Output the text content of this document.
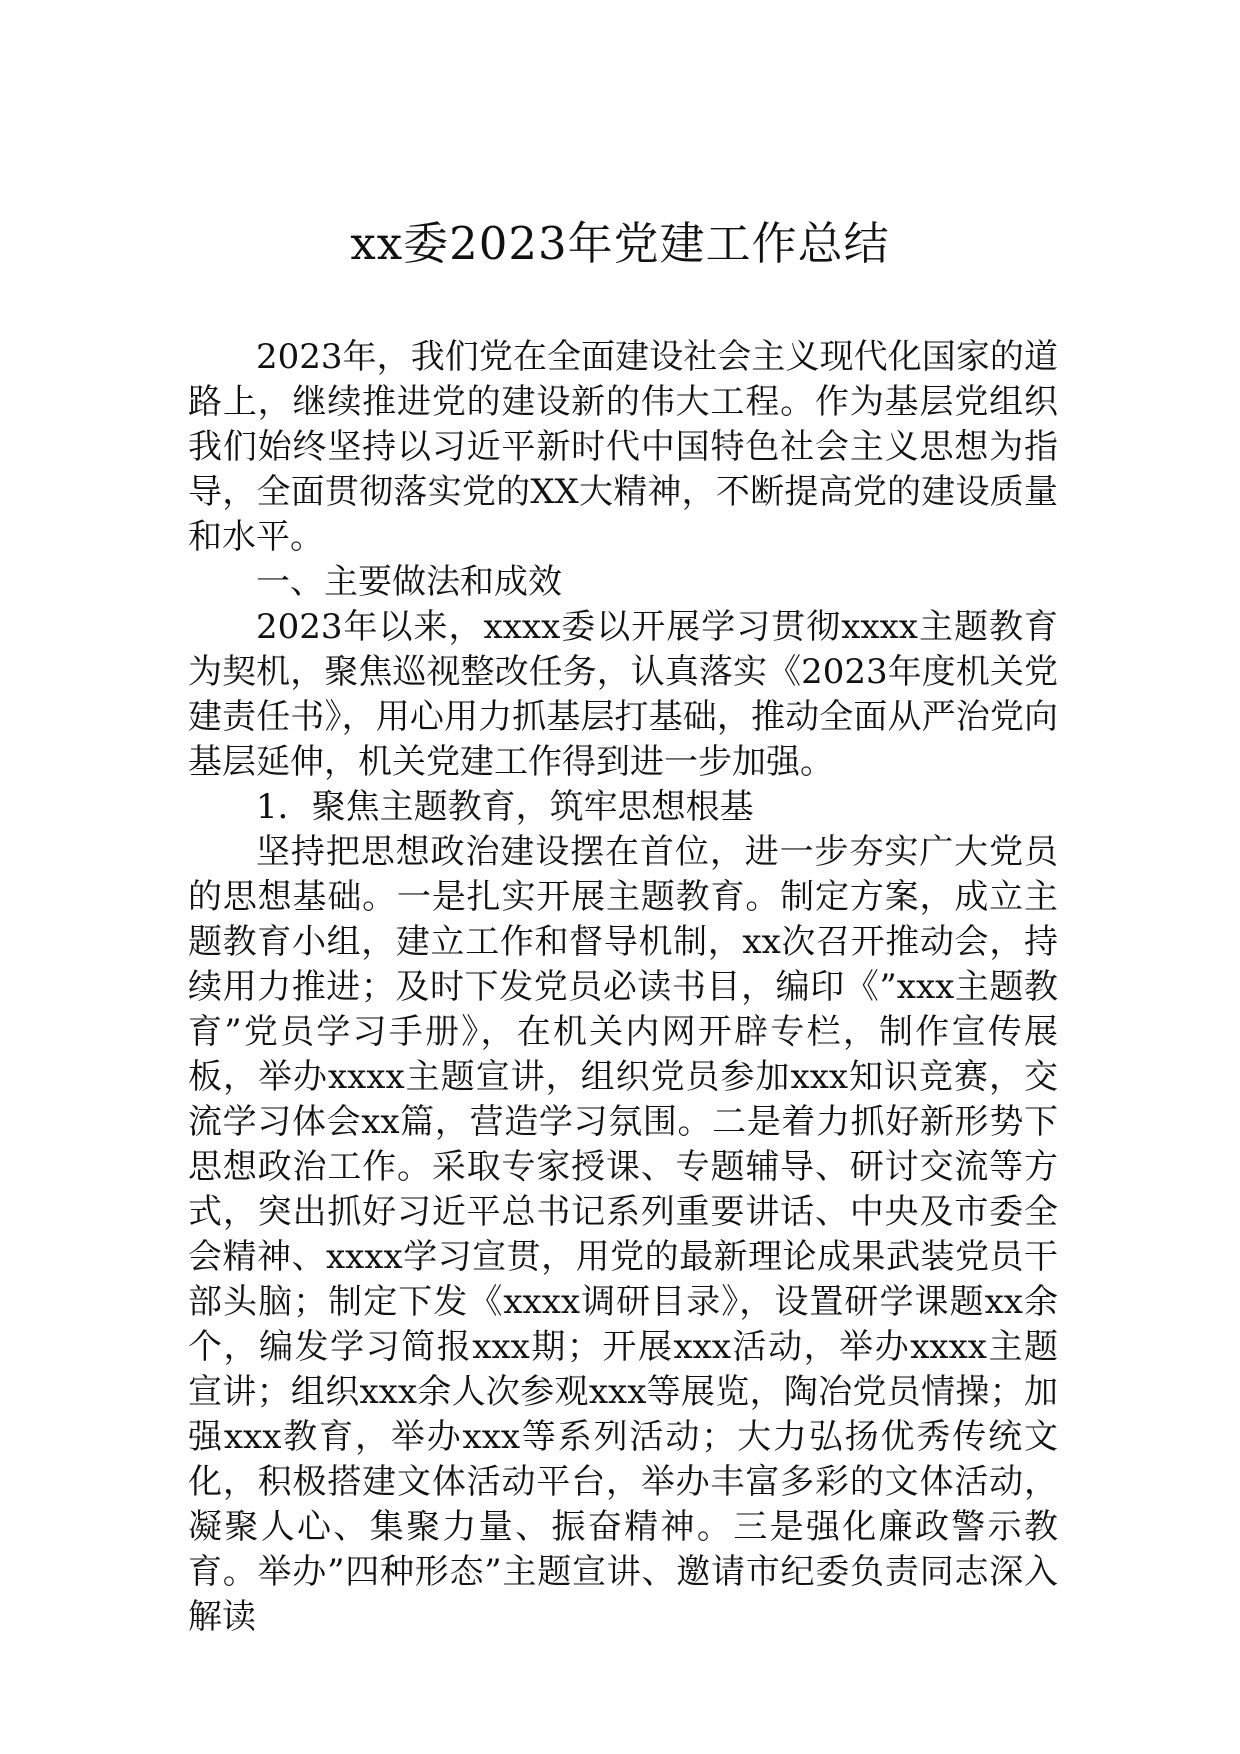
xx委2023年党建工作总结

2023年，我们党在全面建设社会主义现代化国家的道路上，继续推进党的建设新的伟大工程。作为基层党组织我们始终坚持以习近平新时代中国特色社会主义思想为指导，全面贯彻落实党的XX大精神，不断提高党的建设质量和水平。

一、主要做法和成效

2023年以来，xxxx委以开展学习贯彻xxxx主题教育为契机，聚焦巡视整改任务，认真落实《2023年度机关党建责任书》，用心用力抓基层打基础，推动全面从严治党向基层延伸，机关党建工作得到进一步加强。

1．聚焦主题教育，筑牢思想根基

坚持把思想政治建设摆在首位，进一步夯实广大党员的思想基础。一是扎实开展主题教育。制定方案，成立主题教育小组，建立工作和督导机制，xx次召开推动会，持续用力推进；及时下发党员必读书目，编印《”xxx主题教育”党员学习手册》，在机关内网开辟专栏，制作宣传展板，举办xxxx主题宣讲，组织党员参加xxx知识竞赛，交流学习体会xx篇，营造学习氛围。二是着力抓好新形势下思想政治工作。采取专家授课、专题辅导、研讨交流等方式，突出抓好习近平总书记系列重要讲话、中央及市委全会精神、xxxx学习宣贯，用党的最新理论成果武装党员干部头脑；制定下发《xxxx调研目录》，设置研学课题xx余个，编发学习简报xxx期；开展xxx活动，举办xxxx主题宣讲；组织xxx余人次参观xxx等展览，陶冶党员情操；加强xxx教育，举办xxx等系列活动；大力弘扬优秀传统文化，积极搭建文体活动平台，举办丰富多彩的文体活动，凝聚人心、集聚力量、振奋精神。三是强化廉政警示教育。举办”四种形态”主题宣讲、邀请市纪委负责同志深入解读
